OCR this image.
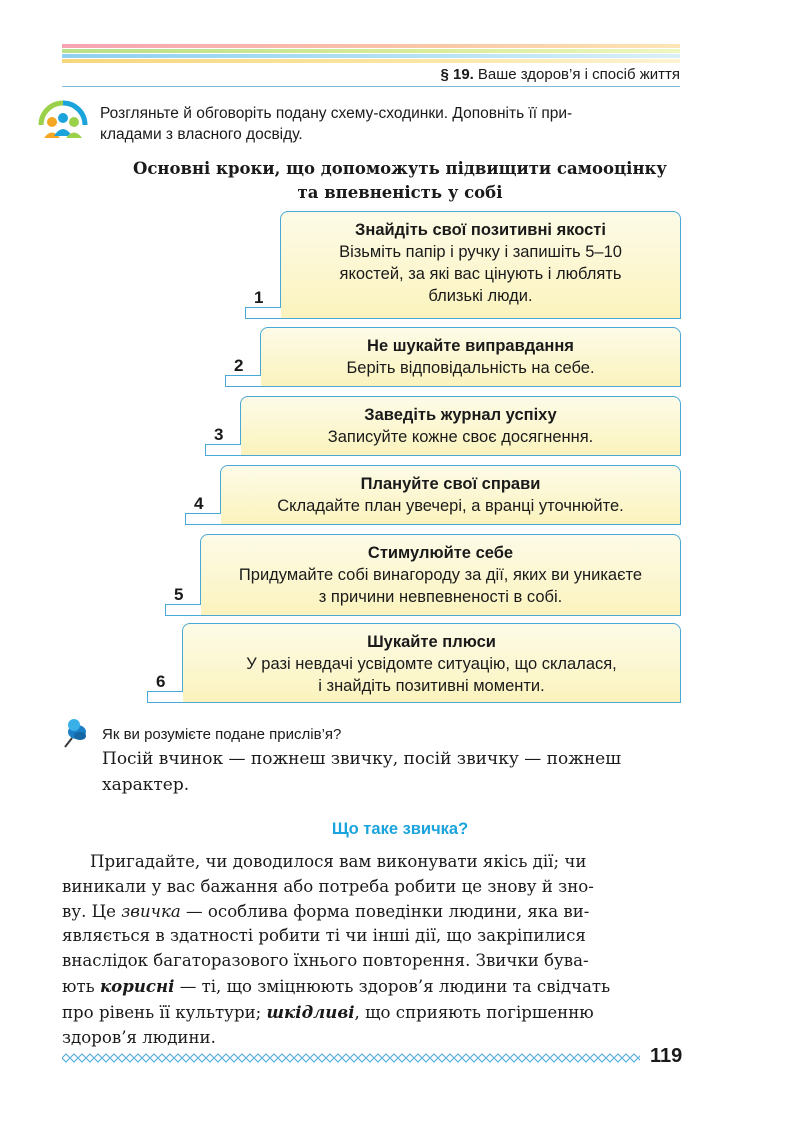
§ 19. Ваше здоров’я і спосіб життя
Розгляньте й обговоріть подану схему-сходинки. Доповніть її при-
кладами з власного досвіду.
Основні кроки, що допоможуть підвищити самооцінку
та впевненість у собі
Знайдіть свої позитивні якості
Візьміть папір і ручку і запишіть 5–10
якостей, за які вас цінують і люблять
близькі люди.
1
Не шукайте виправдання
Беріть відповідальність на себе.
2
Заведіть журнал успіху
Записуйте кожне своє досягнення.
3
Плануйте свої справи
Складайте план увечері, а вранці уточнюйте.
4
Стимулюйте себе
Придумайте собі винагороду за дії, яких ви уникаєте
з причини невпевненості в собі.
5
Шукайте плюси
У разі невдачі усвідомте ситуацію, що склалася,
і знайдіть позитивні моменти.
6
Як ви розумієте подане прислів’я?
Посій вчинок — пожнеш звичку, посій звичку — пожнеш
характер.
Що таке звичка?
Пригадайте, чи доводилося вам виконувати якісь дії; чи
виникали у вас бажання або потреба робити це знову й зно-
ву. Це звичка — особлива форма поведінки людини, яка ви-
являється в здатності робити ті чи інші дії, що закріпилися
внаслідок багаторазового їхнього повторення. Звички бува-
ють корисні — ті, що зміцнюють здоров’я людини та свідчать
про рівень її культури; шкідливі, що сприяють погіршенню
здоров’я людини.
119
